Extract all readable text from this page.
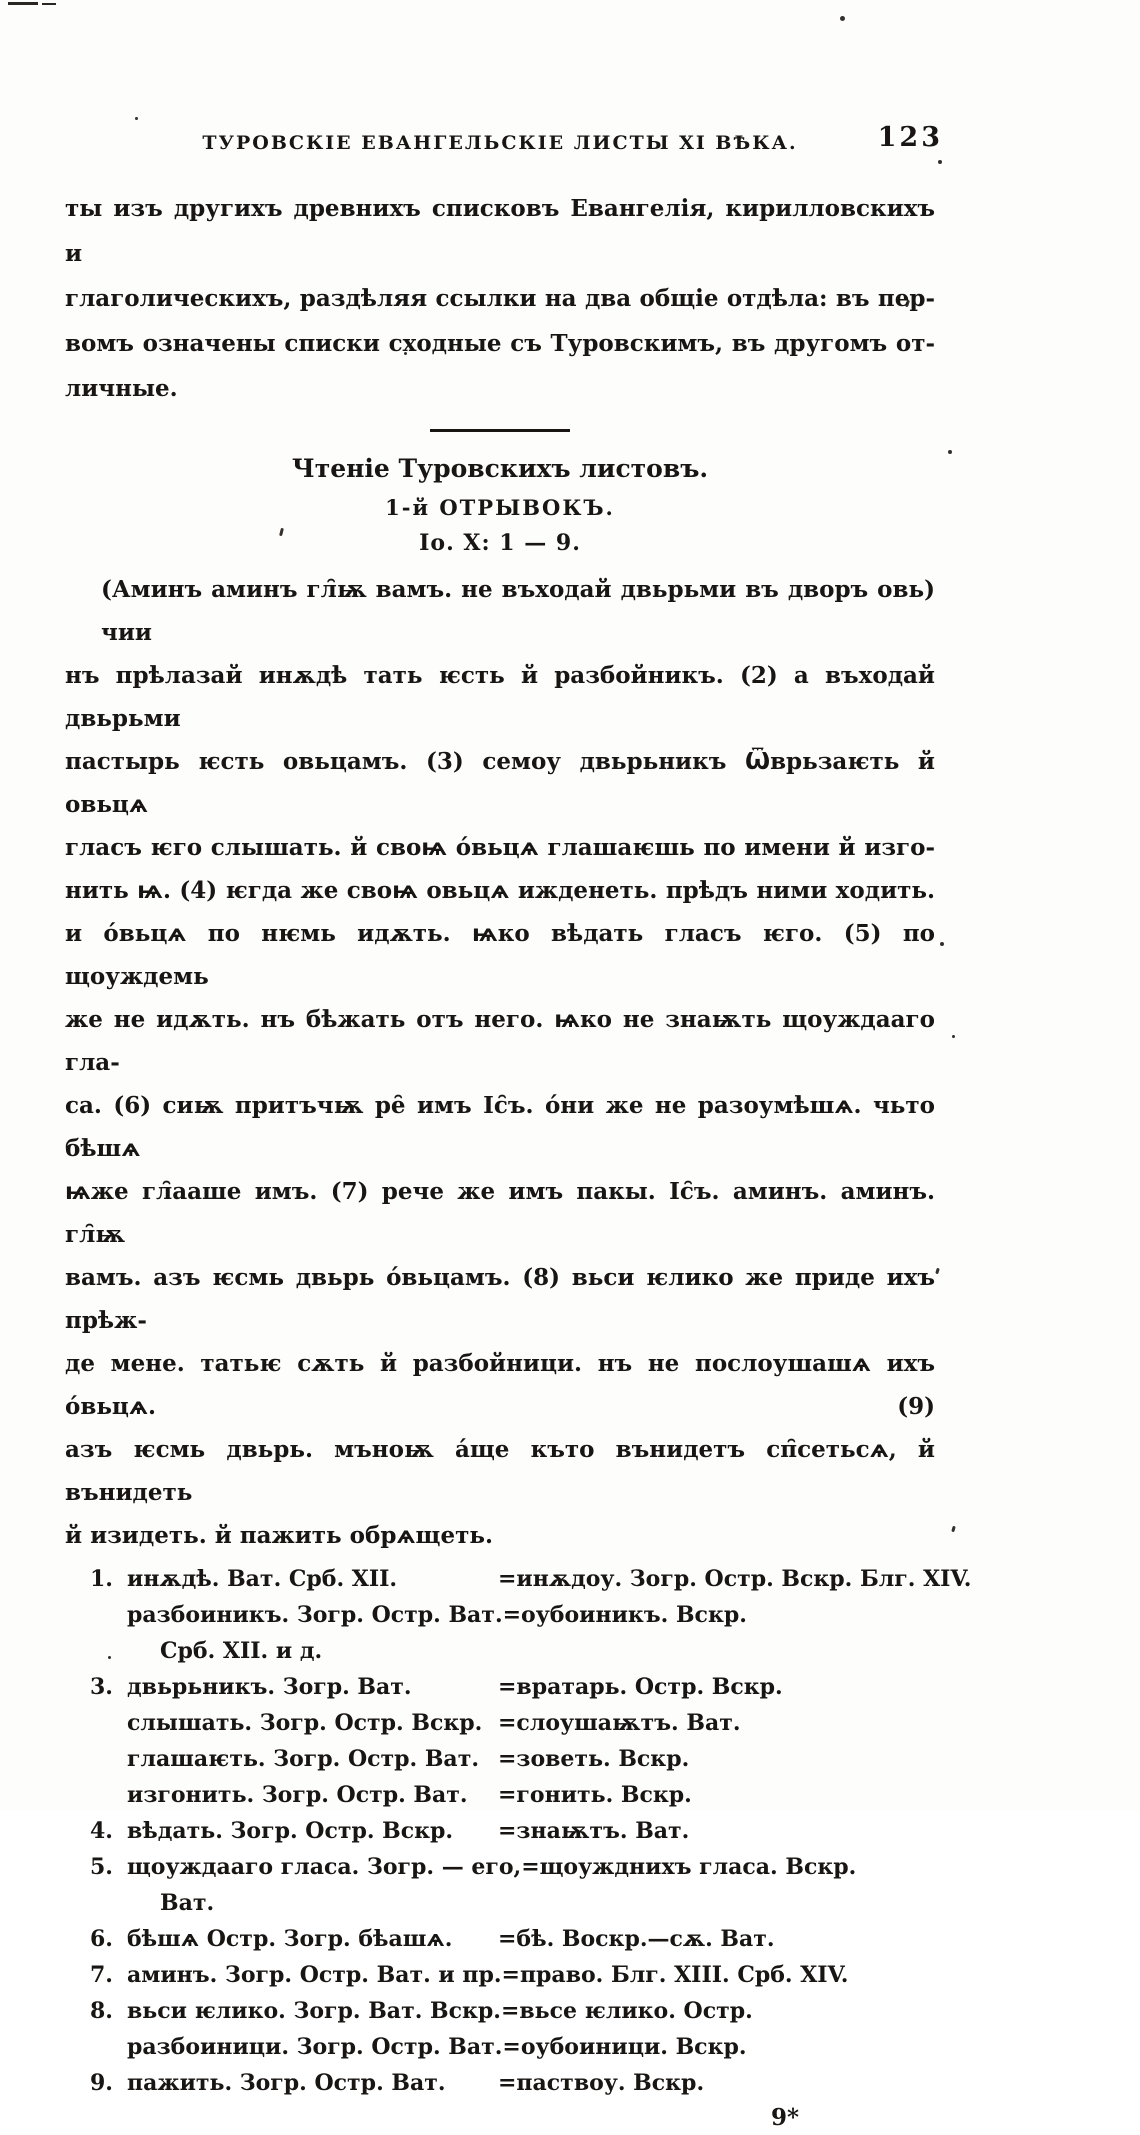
ТУРОВСКІЕ ЕВАНГЕЛЬСКІЕ ЛИСТЫ XI ВѢКА.	123
ты изъ другихъ древнихъ списковъ Евангелія, кирилловскихъ и
глаголическихъ, раздѣляя ссылки на два общіе отдѣла: въ пер-
вомъ означены списки сходные съ Туровскимъ, въ другомъ от-
личные.
Чтеніе Туровскихъ листовъ.
1-й ОТРЫВОКЪ.
Іо. X: 1 — 9.
(Аминъ аминъ гл̑ѭ вамъ. не въходай двьрьми въ дворъ овь) чии
нъ прѣлазай инѫдѣ тать ѥсть й разбойникъ. (2) а въходай двьрьми
пастырь ѥсть овьцамъ. (3) семоу двьрьникъ Ѿврьзаѥть й овьцѧ
гласъ ѥго слышать. й своѩ о́вьцѧ глашаѥшь по имени й изго-
нить ѩ. (4) ѥгда же своѩ овьцѧ ижденеть. прѣдъ ними ходить.
и о́вьцѧ по нѥмь идѫть. ѩко вѣдать гласъ ѥго. (5) по щоуждемь
же не идѫть. нъ бѣжать отъ него. ѩко не знаѭть щоуждааго гла-
са. (6) сиѭ притъчѭ ре̑ имъ Іс̑ъ. о́ни же не разоумѣшѧ. чьто бѣшѧ
ѩже гл̑ааше имъ. (7) рече же имъ пакы. Іс̑ъ. аминъ. аминъ. гл̑ѭ
вамъ. азъ ѥсмь двьрь о́вьцамъ. (8) вьси ѥлико же приде ихъ прѣж-
де мене. татьѥ сѫть й разбойници. нъ не послоушашѧ ихъ о́вьцѧ. (9)
азъ ѥсмь двьрь. мъноѭ а́ще къто вънидетъ сп̑сетьсѧ, й вънидеть
й изидеть. й пажить обрѧщеть.
1. инѫдѣ. Ват. Срб. XII.	=инѫдоу. Зогр. Остр. Вскр. Блг. XIV.
разбоиникъ. Зогр. Остр. Ват.=оубоиникъ. Вскр.
Срб. XII. и д.
3. двьрьникъ. Зогр. Ват.	=вратарь. Остр. Вскр.
слышать. Зогр. Остр. Вскр. =слоушаѭтъ. Ват.
глашаѥть. Зогр. Остр. Ват. =зоветь. Вскр.
изгонить. Зогр. Остр. Ват. =гонить. Вскр.
4. вѣдать. Зогр. Остр. Вскр. =знаѭтъ. Ват.
5. щоуждааго гласа. Зогр. — его,=щоужднихъ гласа. Вскр.
Ват.
6. бѣшѧ Остр. Зогр. бѣашѧ. =бѣ. Воскр.—сѫ. Ват.
7. аминъ. Зогр. Остр. Ват. и пр.=право. Блг. XIII. Срб. XIV.
8. вьси ѥлико. Зогр. Ват. Вскр.=вьсе ѥлико. Остр.
разбоиници. Зогр. Остр. Ват.=оубоиници. Вскр.
9. пажить. Зогр. Остр. Ват. =паствоу. Вскр.
9*
